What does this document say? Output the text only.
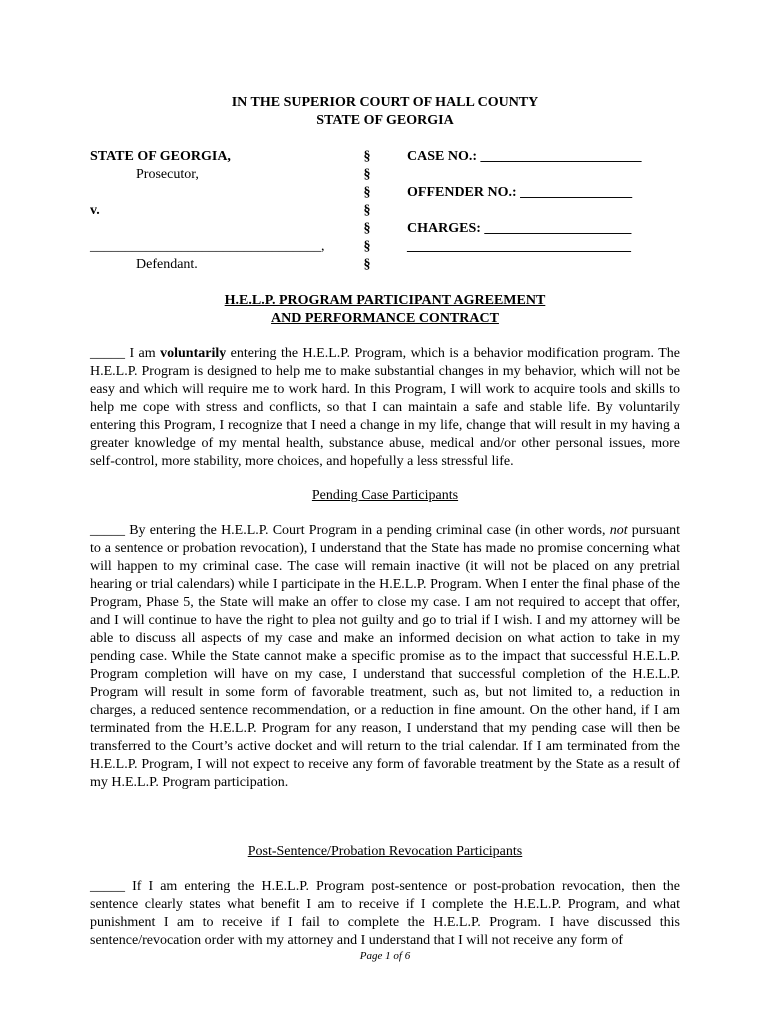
IN THE SUPERIOR COURT OF HALL COUNTY
STATE OF GEORGIA
STATE OF GEORGIA,
Prosecutor,
v.
_________________________________,
Defendant.
§
§
§
§
§
§
§
CASE NO.: _______________________
OFFENDER NO.: ________________
CHARGES: _____________________
________________________________
H.E.L.P. PROGRAM PARTICIPANT AGREEMENT
AND PERFORMANCE CONTRACT
_____ I am voluntarily entering the H.E.L.P. Program, which is a behavior modification program. The H.E.L.P. Program is designed to help me to make substantial changes in my behavior, which will not be easy and which will require me to work hard. In this Program, I will work to acquire tools and skills to help me cope with stress and conflicts, so that I can maintain a safe and stable life. By voluntarily entering this Program, I recognize that I need a change in my life, change that will result in my having a greater knowledge of my mental health, substance abuse, medical and/or other personal issues, more self-control, more stability, more choices, and hopefully a less stressful life.
Pending Case Participants
_____ By entering the H.E.L.P. Court Program in a pending criminal case (in other words, not pursuant to a sentence or probation revocation), I understand that the State has made no promise concerning what will happen to my criminal case. The case will remain inactive (it will not be placed on any pretrial hearing or trial calendars) while I participate in the H.E.L.P. Program. When I enter the final phase of the Program, Phase 5, the State will make an offer to close my case. I am not required to accept that offer, and I will continue to have the right to plea not guilty and go to trial if I wish. I and my attorney will be able to discuss all aspects of my case and make an informed decision on what action to take in my pending case. While the State cannot make a specific promise as to the impact that successful H.E.L.P. Program completion will have on my case, I understand that successful completion of the H.E.L.P. Program will result in some form of favorable treatment, such as, but not limited to, a reduction in charges, a reduced sentence recommendation, or a reduction in fine amount. On the other hand, if I am terminated from the H.E.L.P. Program for any reason, I understand that my pending case will then be transferred to the Court’s active docket and will return to the trial calendar. If I am terminated from the H.E.L.P. Program, I will not expect to receive any form of favorable treatment by the State as a result of my H.E.L.P. Program participation.
Post-Sentence/Probation Revocation Participants
_____ If I am entering the H.E.L.P. Program post-sentence or post-probation revocation, then the sentence clearly states what benefit I am to receive if I complete the H.E.L.P. Program, and what punishment I am to receive if I fail to complete the H.E.L.P. Program. I have discussed this sentence/revocation order with my attorney and I understand that I will not receive any form of
Page 1 of 6
